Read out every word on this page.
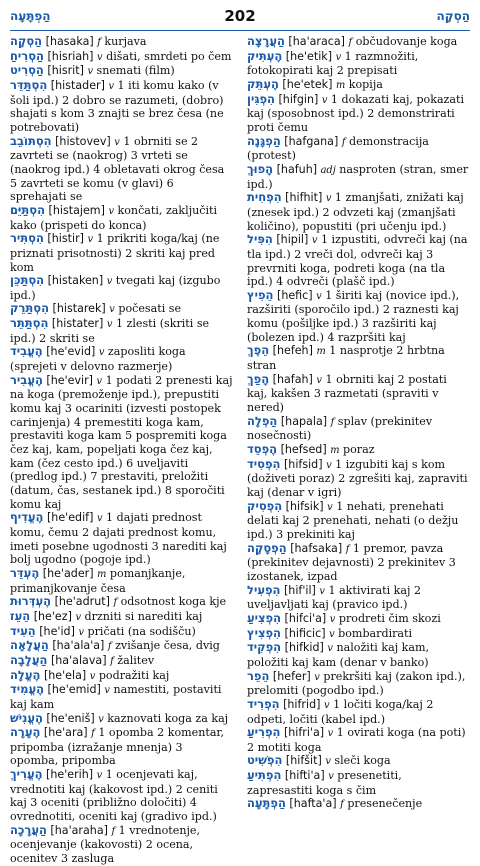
הַסְקָה
202
הַפְתָּעָה

הַסְקָה [hasaka] f kurjava

הַסְרִיחַ [hisriah] v dišati, smrdeti po čem

הַסְרִיט [hisrit] v snemati (film)

הִסְתַּדֵּר [histader] v 1 iti komu kako (v šoli ipd.) 2 dobro se razumeti, (dobro) shajati s kom 3 znajti se brez česa (ne potrebovati)

הִסְתּוֹבֵב [histovev] v 1 obrniti se 2 zavrteti se (naokrog) 3 vrteti se (naokrog ipd.) 4 obletavati okrog česa 5 zavrteti se komu (v glavi) 6 sprehajati se

הִסְתַּיֵּם [histajem] v končati, zaključiti kako (prispeti do konca)

הִסְתִּיר [histir] v 1 prikriti koga/kaj (ne priznati prisotnosti) 2 skriti kaj pred kom

הִסְתַּכֵּן [histaken] v tvegati kaj (izgubo ipd.)

הִסְתַּרֵק [histarek] v počesati se

הִסְתַּתֵּר [histater] v 1 zlesti (skriti se ipd.) 2 skriti se

הֶעֱבִיד [he'evid] v zaposliti koga (sprejeti v delovno razmerje)

הֶעֱבִיר [he'evir] v 1 podati 2 prenesti kaj na koga (premoženje ipd.), prepustiti komu kaj 3 ocariniti (izvesti postopek carinjenja) 4 premestiti koga kam, prestaviti koga kam 5 pospremiti koga čez kaj, kam, popeljati koga čez kaj, kam (čez cesto ipd.) 6 uveljaviti (predlog ipd.) 7 prestaviti, preložiti (datum, čas, sestanek ipd.) 8 sporočiti komu kaj

הֶעֱדִיף [he'edif] v 1 dajati prednost komu, čemu 2 dajati prednost komu, imeti posebne ugodnosti 3 narediti kaj bolj ugodno (pogoje ipd.)

הֶעְדֵּר [he'ader] m pomanjkanje, primanjkovanje česa

הֶעְדְּרוּת [he'adrut] f odsotnost koga kje

הֵעֵז [he'ez] v drzniti si narediti kaj

הֵעִיד [he'id] v pričati (na sodišču)

הַעֲלָאָה [ha'ala'a] f zvišanje česa, dvig

הַעֲלָבָה [ha'alava] f žalitev

הֶעֱלָה [he'ela] v podražiti kaj

הֶעֱמִיד [he'emid] v namestiti, postaviti kaj kam

הֶעֱנִישׁ [he'eniš] v kaznovati koga za kaj

הֶעָרָה [he'ara] f 1 opomba 2 komentar, pripomba (izražanje mnenja) 3 opomba, pripomba

הֶעֱרִיךְ [he'erih] v 1 ocenjevati kaj, vrednotiti kaj (kakovost ipd.) 2 ceniti kaj 3 oceniti (približno določiti) 4 ovrednotiti, oceniti kaj (gradivo ipd.)

הַעֲרָכָה [ha'araha] f 1 vrednotenje, ocenjevanje (kakovosti) 2 ocena, ocenitev 3 zasluga

הַעֲרָצָה [ha'araca] f občudovanje koga

הֶעְתִּיק [he'etik] v 1 razmnožiti, fotokopirati kaj 2 prepisati

הֶעְתֵּק [he'etek] m kopija

הִפְגִּין [hifgin] v 1 dokazati kaj, pokazati kaj (sposobnost ipd.) 2 demonstrirati proti čemu

הַפְגָּנָה [hafgana] f demonstracija (protest)

הָפוּךְ [hafuh] adj nasproten (stran, smer ipd.)

הִפְחִית [hifhit] v 1 zmanjšati, znižati kaj (znesek ipd.) 2 odvzeti kaj (zmanjšati količino), popustiti (pri učenju ipd.)

הִפִּיל [hipil] v 1 izpustiti, odvreči kaj (na tla ipd.) 2 vreči dol, odvreči kaj 3 prevrniti koga, podreti koga (na tla ipd.) 4 odvreči (plašč ipd.)

הֵפִיץ [hefic] v 1 širiti kaj (novice ipd.), razširiti (sporočilo ipd.) 2 raznesti kaj komu (pošiljke ipd.) 3 razširiti kaj (bolezen ipd.) 4 razpršiti kaj

הֵפֶךְ [hefeh] m 1 nasprotje 2 hrbtna stran

הָפַךְ [hafah] v 1 obrniti kaj 2 postati kaj, kakšen 3 razmetati (spraviti v nered)

הַפְלָה [hapala] f splav (prekinitev nosečnosti)

הֶפְסֵד [hefsed] m poraz

הִפְסִיד [hifsid] v 1 izgubiti kaj s kom (doživeti poraz) 2 zgrešiti kaj, zapraviti kaj (denar v igri)

הִפְסִיק [hifsik] v 1 nehati, prenehati delati kaj 2 prenehati, nehati (o dežju ipd.) 3 prekiniti kaj

הַפְסָקָה [hafsaka] f 1 premor, pavza (prekinitev dejavnosti) 2 prekinitev 3 izostanek, izpad

הִפְעִיל [hif'il] v 1 aktivirati kaj 2 uveljavljati kaj (pravico ipd.)

הִפְצִיעַ [hifci'a] v prodreti čim skozi

הִפְצִיץ [hificic] v bombardirati

הִפְקִיד [hifkid] v naložiti kaj kam, položiti kaj kam (denar v banko)

הֵפֵר [hefer] v prekršiti kaj (zakon ipd.), prelomiti (pogodbo ipd.)

הִפְרִיד [hifrid] v 1 ločiti koga/kaj 2 odpeti, ločiti (kabel ipd.)

הִפְרִיעַ [hifri'a] v 1 ovirati koga (na poti) 2 motiti koga

הִפְשִׁיט [hifšit] v sleči koga

הִפְתִּיעַ [hifti'a] v presenetiti, zapresastiti koga s čim

הַפְתָּעָה [hafta'a] f presenečenje
